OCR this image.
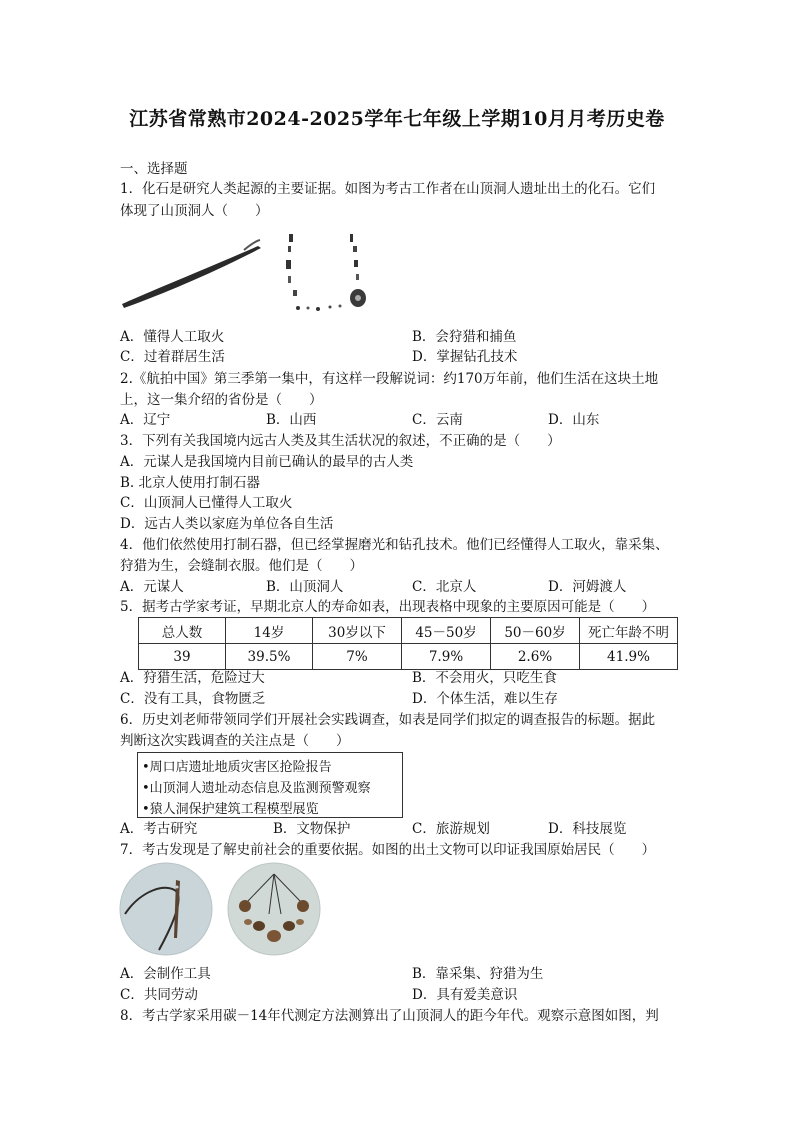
江苏省常熟市2024-2025学年七年级上学期10月月考历史卷
一、选择题
1．化石是研究人类起源的主要证据。如图为考古工作者在山顶洞人遗址出土的化石。它们
体现了山顶洞人（　　）
A．懂得人工取火	B．会狩猎和捕鱼
C．过着群居生活	D．掌握钻孔技术
2.《航拍中国》第三季第一集中，有这样一段解说词：约170万年前，他们生活在这块土地
上，这一集介绍的省份是（　　）
A．辽宁	B．山西	C．云南	D．山东
3．下列有关我国境内远古人类及其生活状况的叙述，不正确的是（　　）
A．元谋人是我国境内目前已确认的最早的古人类
B. 北京人使用打制石器
C．山顶洞人已懂得人工取火
D．远古人类以家庭为单位各自生活
4．他们依然使用打制石器，但已经掌握磨光和钻孔技术。他们已经懂得人工取火，靠采集、
狩猎为生，会缝制衣服。他们是（　　）
A．元谋人	B．山顶洞人	C．北京人	D．河姆渡人
5．据考古学家考证，早期北京人的寿命如表，出现表格中现象的主要原因可能是（　　）
总人数	14岁	30岁以下	45－50岁	50－60岁	死亡年龄不明
39	39.5%	7%	7.9%	2.6%	41.9%
A．狩猎生活，危险过大	B．不会用火，只吃生食
C．没有工具，食物匮乏	D．个体生活，难以生存
6．历史刘老师带领同学们开展社会实践调查，如表是同学们拟定的调查报告的标题。据此
判断这次实践调查的关注点是（　　）
•周口店遗址地质灾害区抢险报告
•山顶洞人遗址动态信息及监测预警观察
•猿人洞保护建筑工程模型展览
A．考古研究	B．文物保护	C．旅游规划	D．科技展览
7．考古发现是了解史前社会的重要依据。如图的出土文物可以印证我国原始居民（　　）
A．会制作工具	B．靠采集、狩猎为生
C．共同劳动	D．具有爱美意识
8．考古学家采用碳－14年代测定方法测算出了山顶洞人的距今年代。观察示意图如图，判
